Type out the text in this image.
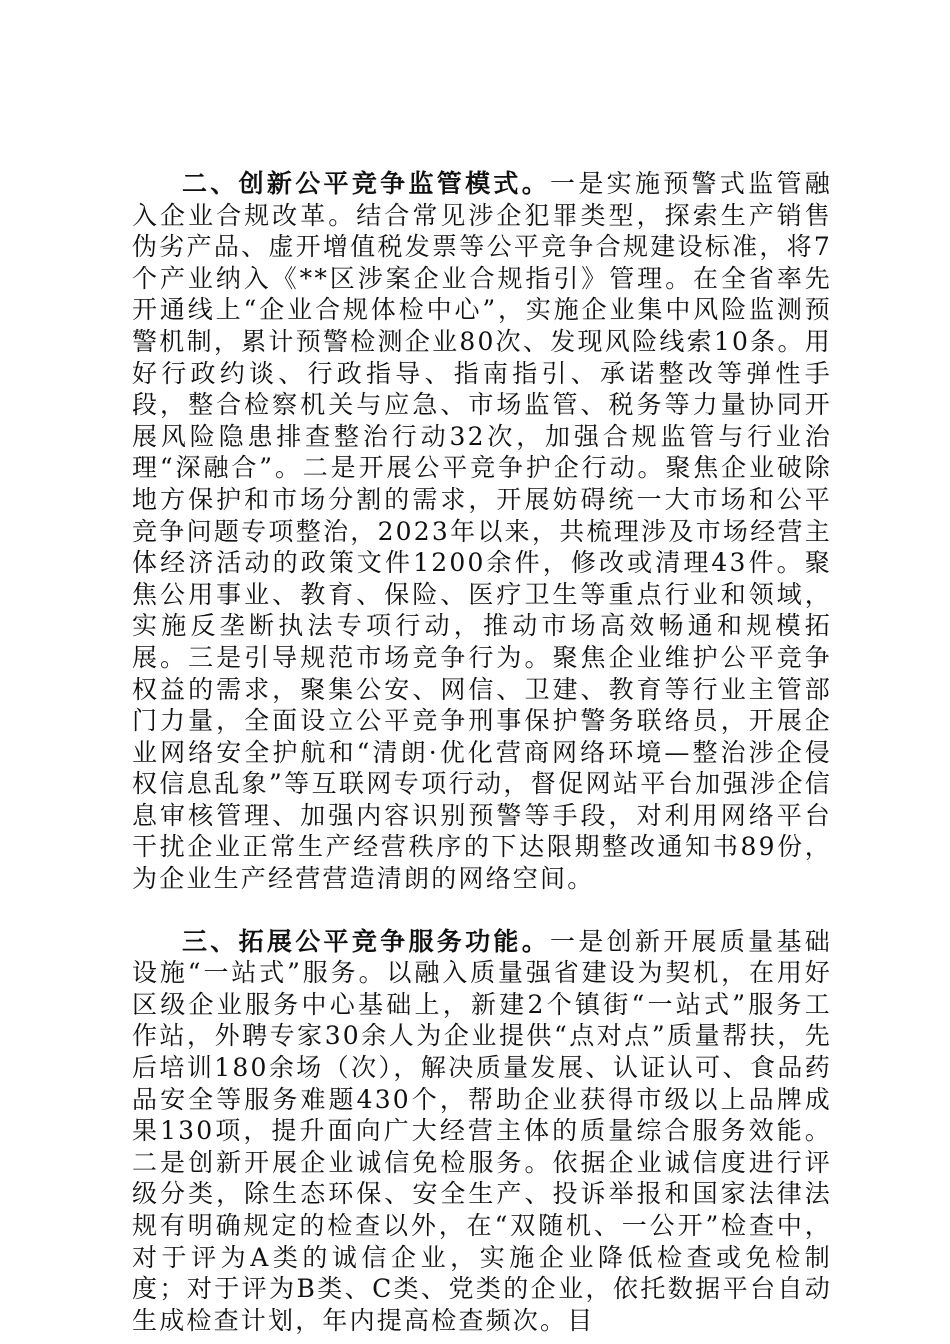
二、创新公平竞争监管模式。一是实施预警式监管融入企业合规改革。结合常见涉企犯罪类型，探索生产销售伪劣产品、虚开增值税发票等公平竞争合规建设标准，将7个产业纳入《**区涉案企业合规指引》管理。在全省率先开通线上“企业合规体检中心”，实施企业集中风险监测预警机制，累计预警检测企业80次、发现风险线索10条。用好行政约谈、行政指导、指南指引、承诺整改等弹性手段，整合检察机关与应急、市场监管、税务等力量协同开展风险隐患排查整治行动32次，加强合规监管与行业治理“深融合”。二是开展公平竞争护企行动。聚焦企业破除地方保护和市场分割的需求，开展妨碍统一大市场和公平竞争问题专项整治，2023年以来，共梳理涉及市场经营主体经济活动的政策文件1200余件，修改或清理43件。聚焦公用事业、教育、保险、医疗卫生等重点行业和领域，实施反垄断执法专项行动，推动市场高效畅通和规模拓展。三是引导规范市场竞争行为。聚焦企业维护公平竞争权益的需求，聚集公安、网信、卫建、教育等行业主管部门力量，全面设立公平竞争刑事保护警务联络员，开展企业网络安全护航和“清朗·优化营商网络环境—整治涉企侵权信息乱象”等互联网专项行动，督促网站平台加强涉企信息审核管理、加强内容识别预警等手段，对利用网络平台干扰企业正常生产经营秩序的下达限期整改通知书89份，为企业生产经营营造清朗的网络空间。

三、拓展公平竞争服务功能。一是创新开展质量基础设施“一站式”服务。以融入质量强省建设为契机，在用好区级企业服务中心基础上，新建2个镇街“一站式”服务工作站，外聘专家30余人为企业提供“点对点”质量帮扶，先后培训180余场（次），解决质量发展、认证认可、食品药品安全等服务难题430个，帮助企业获得市级以上品牌成果130项，提升面向广大经营主体的质量综合服务效能。二是创新开展企业诚信免检服务。依据企业诚信度进行评级分类，除生态环保、安全生产、投诉举报和国家法律法规有明确规定的检查以外，在“双随机、一公开”检查中，对于评为A类的诚信企业，实施企业降低检查或免检制度；对于评为B类、C类、党类的企业，依托数据平台自动生成检查计划，年内提高检查频次。目
